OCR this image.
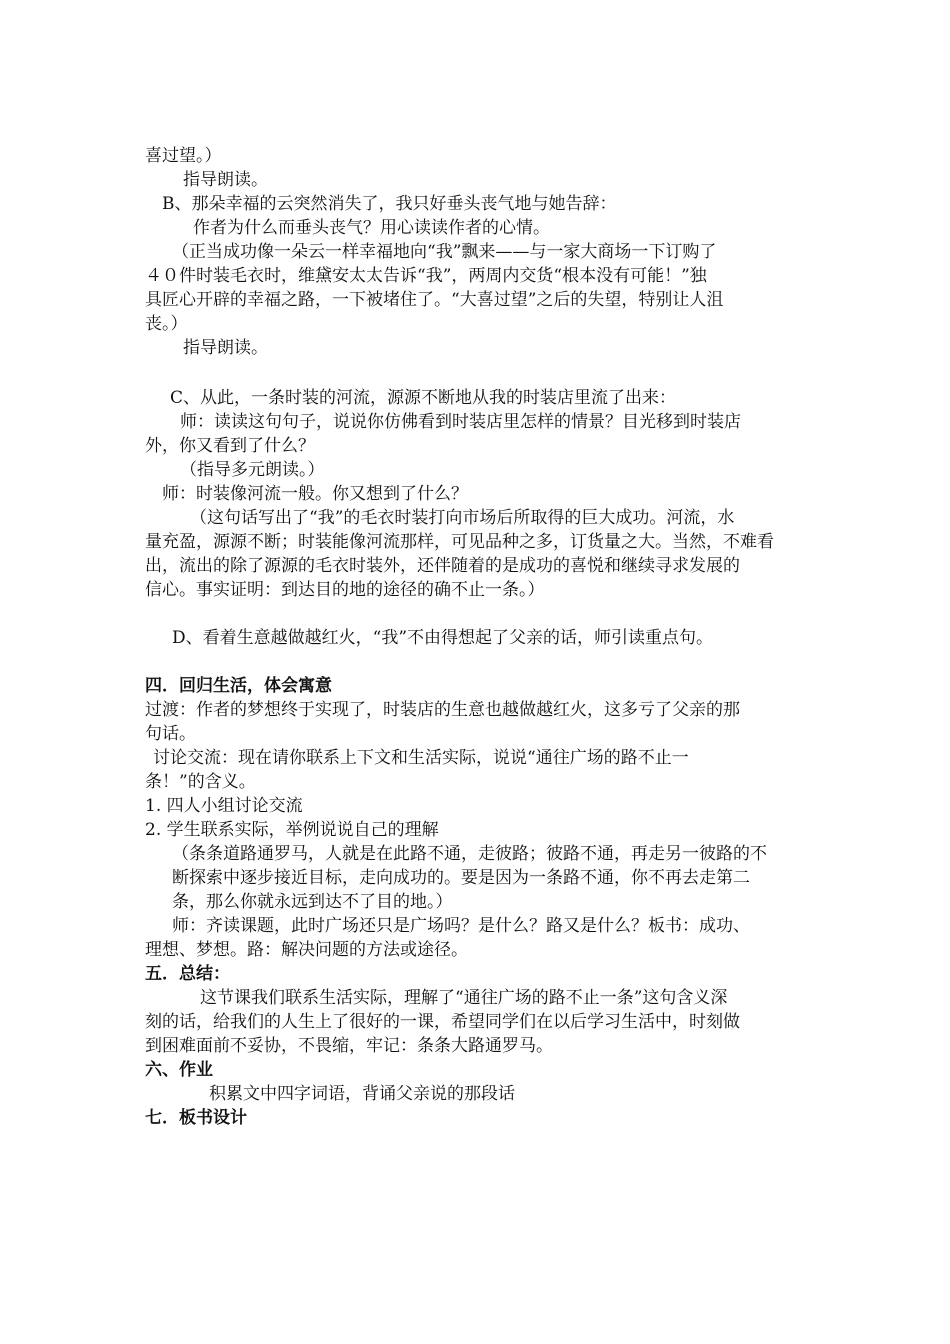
喜过望。）
指导朗读。
B、那朵幸福的云突然消失了，我只好垂头丧气地与她告辞：
作者为什么而垂头丧气？用心读读作者的心情。
（正当成功像一朵云一样幸福地向“我”飘来——与一家大商场一下订购了
４０件时装毛衣时，维黛安太太告诉“我”，两周内交货“根本没有可能！”独
具匠心开辟的幸福之路，一下被堵住了。“大喜过望”之后的失望，特别让人沮
丧。）
指导朗读。
C、从此，一条时装的河流，源源不断地从我的时装店里流了出来：
师：读读这句句子，说说你仿佛看到时装店里怎样的情景？目光移到时装店
外，你又看到了什么？
（指导多元朗读。）
师：时装像河流一般。你又想到了什么？
（这句话写出了“我”的毛衣时装打向市场后所取得的巨大成功。河流，水
量充盈，源源不断；时装能像河流那样，可见品种之多，订货量之大。当然，不难看
出，流出的除了源源的毛衣时装外，还伴随着的是成功的喜悦和继续寻求发展的
信心。事实证明：到达目的地的途径的确不止一条。）
D、看着生意越做越红火，“我”不由得想起了父亲的话，师引读重点句。
四．回归生活，体会寓意
过渡：作者的梦想终于实现了，时装店的生意也越做越红火，这多亏了父亲的那
句话。
讨论交流：现在请你联系上下文和生活实际，说说“通往广场的路不止一
条！”的含义。
1. 四人小组讨论交流
2. 学生联系实际，举例说说自己的理解
（条条道路通罗马，人就是在此路不通，走彼路；彼路不通，再走另一彼路的不
断探索中逐步接近目标，走向成功的。要是因为一条路不通，你不再去走第二
条，那么你就永远到达不了目的地。）
师：齐读课题，此时广场还只是广场吗？是什么？路又是什么？板书：成功、
理想、梦想。路：解决问题的方法或途径。
五．总结：
这节课我们联系生活实际，理解了“通往广场的路不止一条”这句含义深
刻的话，给我们的人生上了很好的一课，希望同学们在以后学习生活中，时刻做
到困难面前不妥协，不畏缩，牢记：条条大路通罗马。
六、作业
积累文中四字词语，背诵父亲说的那段话
七．板书设计
